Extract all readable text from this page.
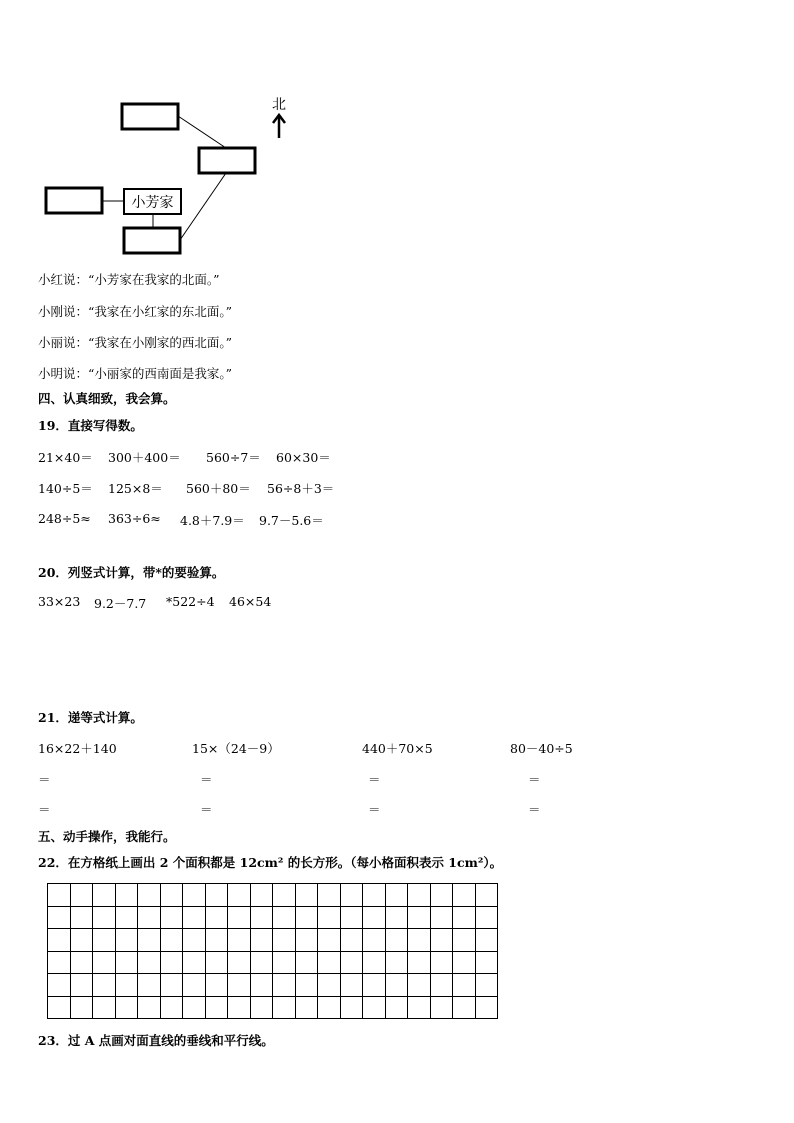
小芳家
北
小红说：“小芳家在我家的北面。”
小刚说：“我家在小红家的东北面。”
小丽说：“我家在小刚家的西北面。”
小明说：“小丽家的西南面是我家。”
四、认真细致，我会算。
19．直接写得数。
21×40＝ 300＋400＝ 560÷7＝ 60×30＝
140÷5＝ 125×8＝ 560＋80＝ 56÷8＋3＝
248÷5≈ 363÷6≈ 4.8＋7.9＝ 9.7－5.6＝
20．列竖式计算，带*的要验算。
33×23 9.2－7.7 *522÷4 46×54
21．递等式计算。
16×22＋140	15×（24－9）	440＋70×5	80－40÷5
＝	＝	＝	＝
＝	＝	＝	＝
五、动手操作，我能行。
22．在方格纸上画出 2 个面积都是 12cm² 的长方形。（每小格面积表示 1cm²）。

23．过 A 点画对面直线的垂线和平行线。
